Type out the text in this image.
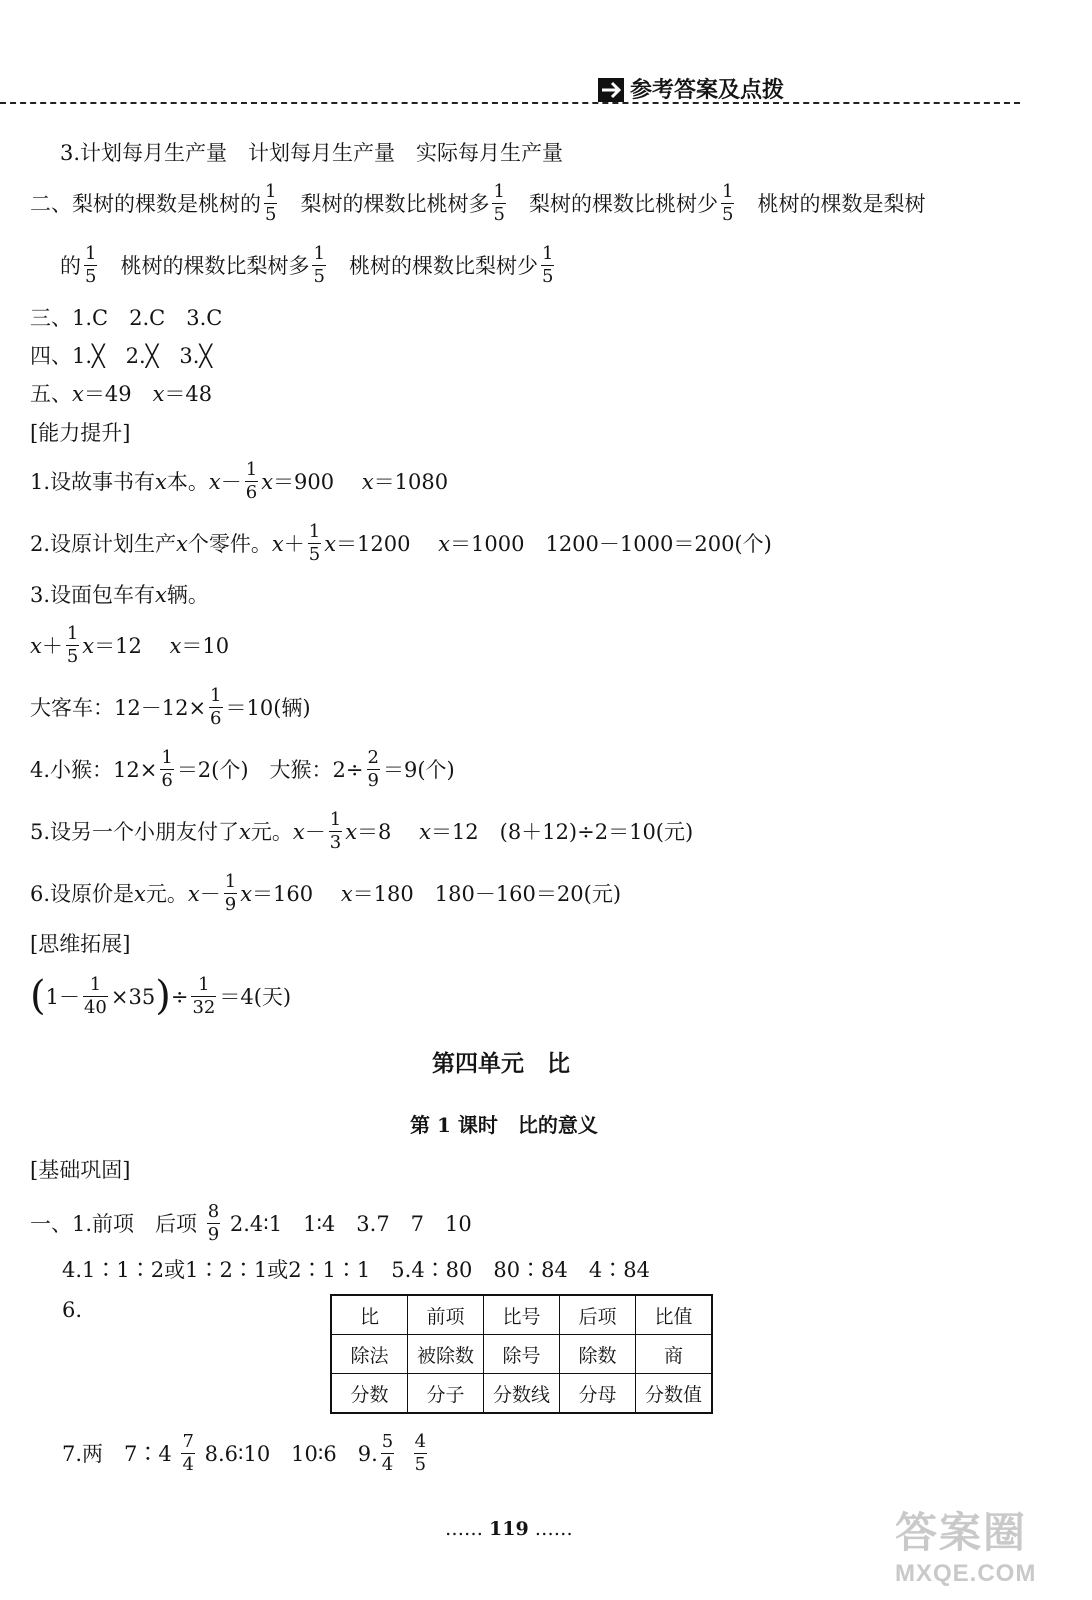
参考答案及点拨
3.计划每月生产量　计划每月生产量　实际每月生产量
二、梨树的棵数是桃树的 $\frac{1}{5}$ 梨树的棵数比桃树多 $\frac{1}{5}$ 梨树的棵数比桃树少 $\frac{1}{5}$ 桃树的棵数是梨树
的 $\frac{1}{5}$ 桃树的棵数比梨树多 $\frac{1}{5}$ 桃树的棵数比梨树少 $\frac{1}{5}$
三、1.C　2.C　3.C
四、1.╳　2.╳　3.╳
五、x＝49　x＝48
[能力提升]
1.设故事书有x本。$x- \frac{1}{6} x=900$　 x＝1080
2.设原计划生产x个零件。$x+ \frac{1}{5} x=1200$　 x＝1000　1200－1000＝200(个)
3.设面包车有x辆。
$x+ \frac{1}{5} x=12$　 x＝10
大客车：$12-12\times \frac{1}{6} =10$(辆)
4.小猴：$12\times \frac{1}{6} =2$(个)　大猴：$2\div \frac{2}{9} =9$(个)
5.设另一个小朋友付了x元。$x- \frac{1}{3} x=8$　 x＝12　(8＋12)÷2＝10(元)
6.设原价是x元。$x- \frac{1}{9} x=160$　 x＝180　180－160＝20(元)
[思维拓展]
$(1- \frac{1}{40} \times 35)\div \frac{1}{32} =4$(天)
第四单元　比
第 1 课时　比的意义
[基础巩固]
一、1.前项　后项 $\frac{8}{9}$ 2.4∶1　1∶4　3.7　7　10
4.1∶1∶2或1∶2∶1或2∶1∶1　5.4∶80　80∶84　4∶84
6.	比	前项	比号	后项	比值
除法	被除数	除号	除数	商
分数	分子	分数线	分母	分数值
7.两　7∶4 $\frac{7}{4}$ 8.6∶10　10∶6　9. $\frac{5}{4}$
$\frac{4}{5}$
…… 119 ……	答案圈
MXQE.COM
